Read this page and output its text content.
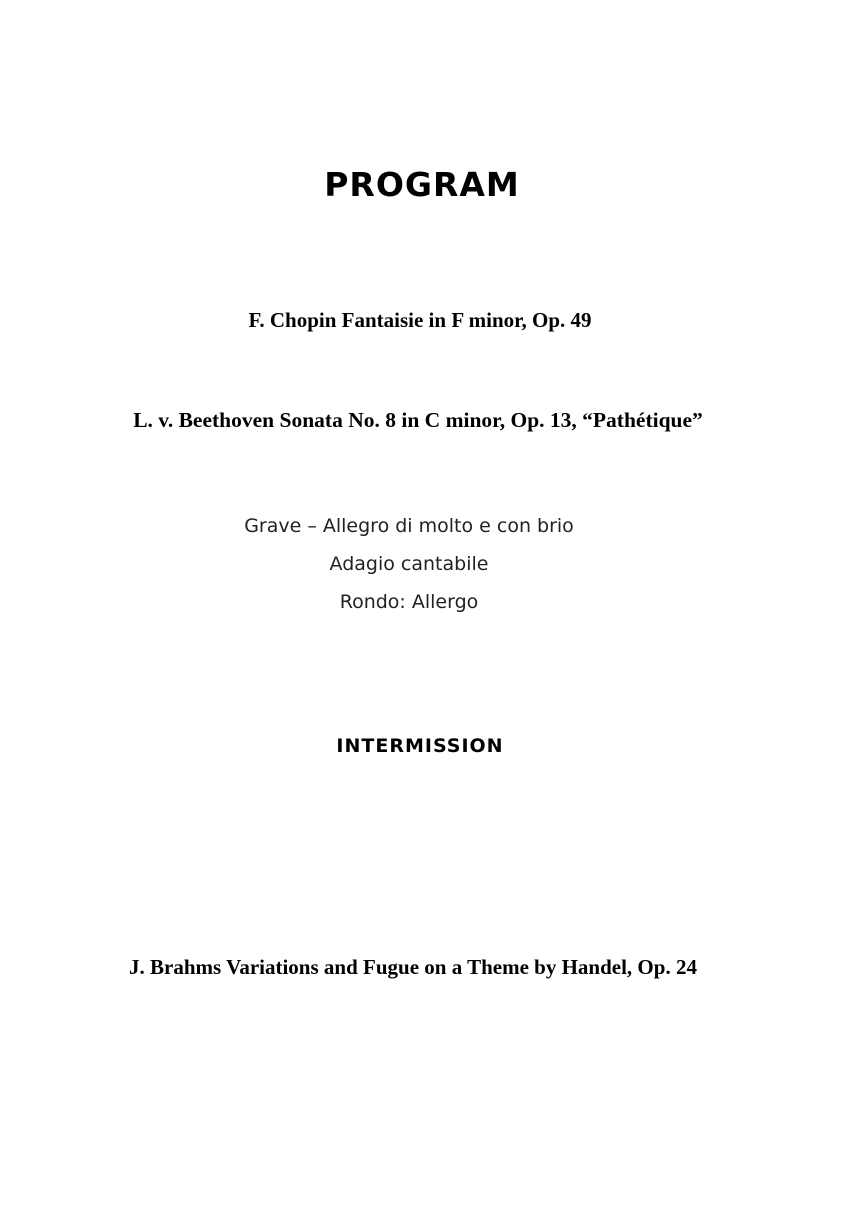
PROGRAM
F. Chopin Fantaisie in F minor, Op. 49
L. v. Beethoven Sonata No. 8 in C minor, Op. 13, “Pathétique”
Grave – Allegro di molto e con brio
Adagio cantabile
Rondo: Allergo
INTERMISSION
J. Brahms Variations and Fugue on a Theme by Handel, Op. 24
